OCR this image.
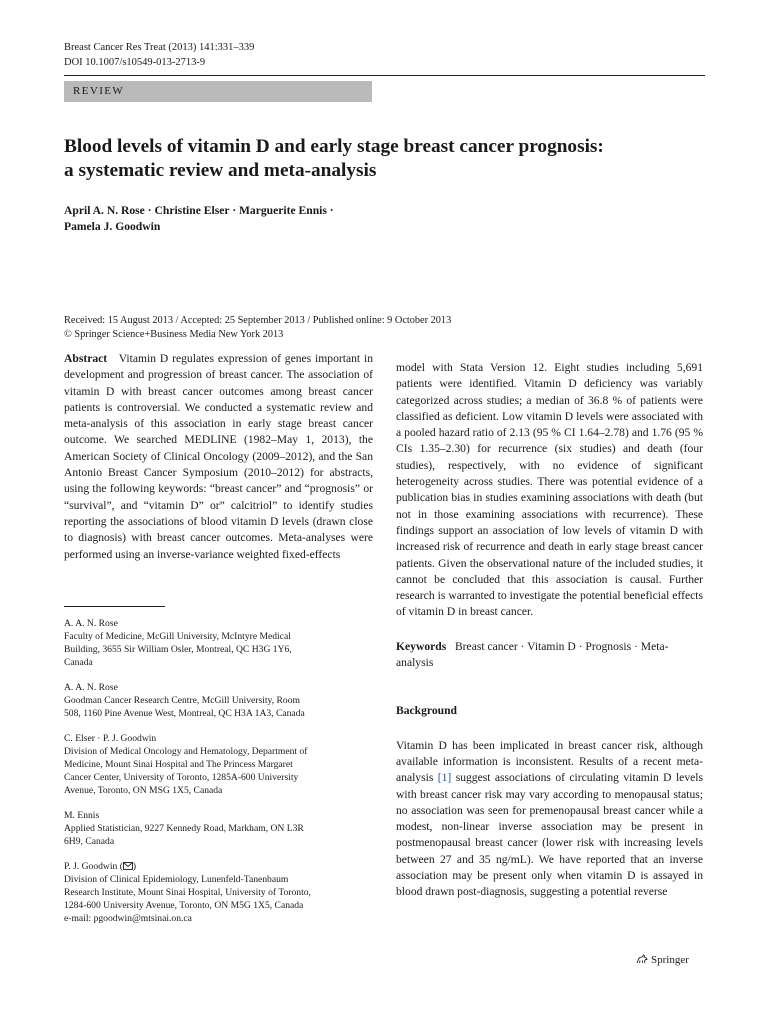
Breast Cancer Res Treat (2013) 141:331–339
DOI 10.1007/s10549-013-2713-9
REVIEW
Blood levels of vitamin D and early stage breast cancer prognosis:
a systematic review and meta-analysis
April A. N. Rose · Christine Elser · Marguerite Ennis ·
Pamela J. Goodwin
Received: 15 August 2013 / Accepted: 25 September 2013 / Published online: 9 October 2013
© Springer Science+Business Media New York 2013

Abstract Vitamin D regulates expression of genes important in development and progression of breast cancer. The association of vitamin D with breast cancer outcomes among breast cancer patients is controversial. We conducted a systematic review and meta-analysis of this association in early stage breast cancer outcome. We searched MEDLINE (1982–May 1, 2013), the American Society of Clinical Oncology (2009–2012), and the San Antonio Breast Cancer Symposium (2010–2012) for abstracts, using the following keywords: “breast cancer” and “prognosis” or “survival”, and “vitamin D” or” calcitriol” to identify studies reporting the associations of blood vitamin D levels (drawn close to diagnosis) with breast cancer outcomes. Meta-analyses were performed using an inverse-variance weighted fixed-effects

A. A. N. Rose
Faculty of Medicine, McGill University, McIntyre Medical
Building, 3655 Sir William Osler, Montreal, QC H3G 1Y6,
Canada
A. A. N. Rose
Goodman Cancer Research Centre, McGill University, Room
508, 1160 Pine Avenue West, Montreal, QC H3A 1A3, Canada
C. Elser · P. J. Goodwin
Division of Medical Oncology and Hematology, Department of
Medicine, Mount Sinai Hospital and The Princess Margaret
Cancer Center, University of Toronto, 1285A-600 University
Avenue, Toronto, ON MSG 1X5, Canada
M. Ennis
Applied Statistician, 9227 Kennedy Road, Markham, ON L3R
6H9, Canada
P. J. Goodwin ( )
Division of Clinical Epidemiology, Lunenfeld-Tanenbaum
Research Institute, Mount Sinai Hospital, University of Toronto,
1284-600 University Avenue, Toronto, ON M5G 1X5, Canada
e-mail: pgoodwin@mtsinai.on.ca

model with Stata Version 12. Eight studies including 5,691 patients were identified. Vitamin D deficiency was variably categorized across studies; a median of 36.8 % of patients were classified as deficient. Low vitamin D levels were associated with a pooled hazard ratio of 2.13 (95 % CI 1.64–2.78) and 1.76 (95 % CIs 1.35–2.30) for recurrence (six studies) and death (four studies), respectively, with no evidence of significant heterogeneity across studies. There was potential evidence of a publication bias in studies examining associations with death (but not in those examining associations with recurrence). These findings support an association of low levels of vitamin D with increased risk of recurrence and death in early stage breast cancer patients. Given the observational nature of the included studies, it cannot be concluded that this association is causal. Further research is warranted to investigate the potential beneficial effects of vitamin D in breast cancer.

Keywords Breast cancer · Vitamin D · Prognosis · Meta-analysis

Background

Vitamin D has been implicated in breast cancer risk, although available information is inconsistent. Results of a recent meta-analysis [1] suggest associations of circulating vitamin D levels with breast cancer risk may vary according to menopausal status; no association was seen for premenopausal breast cancer while a modest, non-linear inverse association may be present in postmenopausal breast cancer (lower risk with increasing levels between 27 and 35 ng/mL). We have reported that an inverse association may be present only when vitamin D is assayed in blood drawn post-diagnosis, suggesting a potential reverse

Springer
